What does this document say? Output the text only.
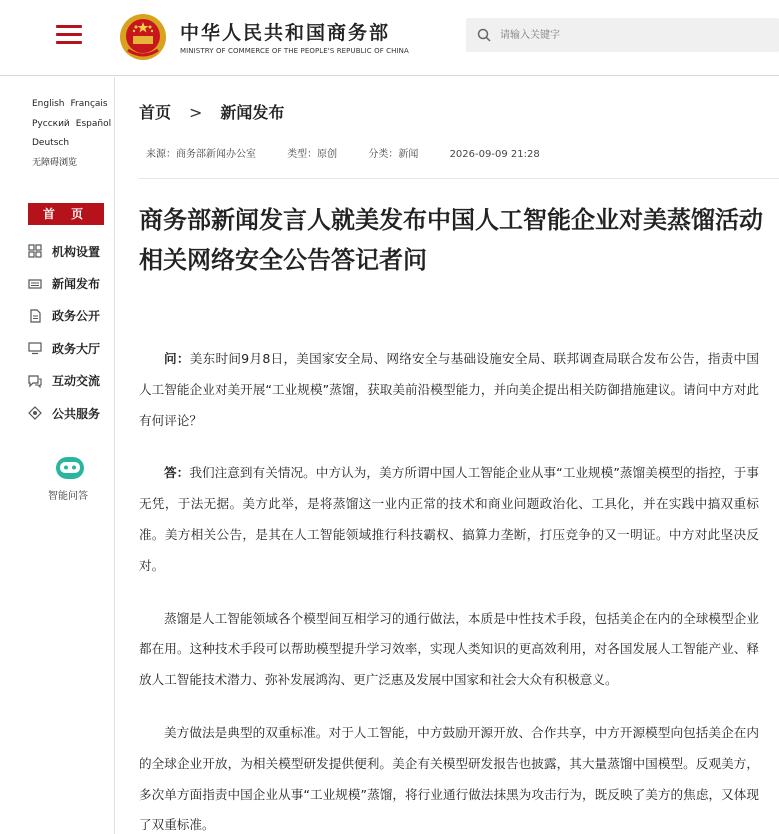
中华人民共和国商务部
MINISTRY OF COMMERCE OF THE PEOPLE'S REPUBLIC OF CHINA
请输入关键字
English Français
Русский Español
Deutsch
无障碍浏览
首 页
机构设置
新闻发布
政务公开
政务大厅
互动交流
公共服务
智能问答
首页 > 新闻发布
来源：商务部新闻办公室	类型：原创	分类：新闻	2026-09-09 21:28
商务部新闻发言人就美发布中国人工智能企业对美蒸馏活动相关网络安全公告答记者问

问：美东时间9月8日，美国家安全局、网络安全与基础设施安全局、联邦调查局联合发布公告，指责中国人工智能企业对美开展“工业规模”蒸馏，获取美前沿模型能力，并向美企提出相关防御措施建议。请问中方对此有何评论？

答：我们注意到有关情况。中方认为，美方所谓中国人工智能企业从事“工业规模”蒸馏美模型的指控，于事无凭，于法无据。美方此举，是将蒸馏这一业内正常的技术和商业问题政治化、工具化，并在实践中搞双重标准。美方相关公告，是其在人工智能领域推行科技霸权、搞算力垄断，打压竞争的又一明证。中方对此坚决反对。

蒸馏是人工智能领域各个模型间互相学习的通行做法，本质是中性技术手段，包括美企在内的全球模型企业都在用。这种技术手段可以帮助模型提升学习效率，实现人类知识的更高效利用，对各国发展人工智能产业、释放人工智能技术潜力、弥补发展鸿沟、更广泛惠及发展中国家和社会大众有积极意义。

美方做法是典型的双重标准。对于人工智能，中方鼓励开源开放、合作共享，中方开源模型向包括美企在内的全球企业开放，为相关模型研发提供便利。美企有关模型研发报告也披露，其大量蒸馏中国模型。反观美方，多次单方面指责中国企业从事“工业规模”蒸馏，将行业通行做法抹黑为攻击行为，既反映了美方的焦虑，又体现了双重标准。
